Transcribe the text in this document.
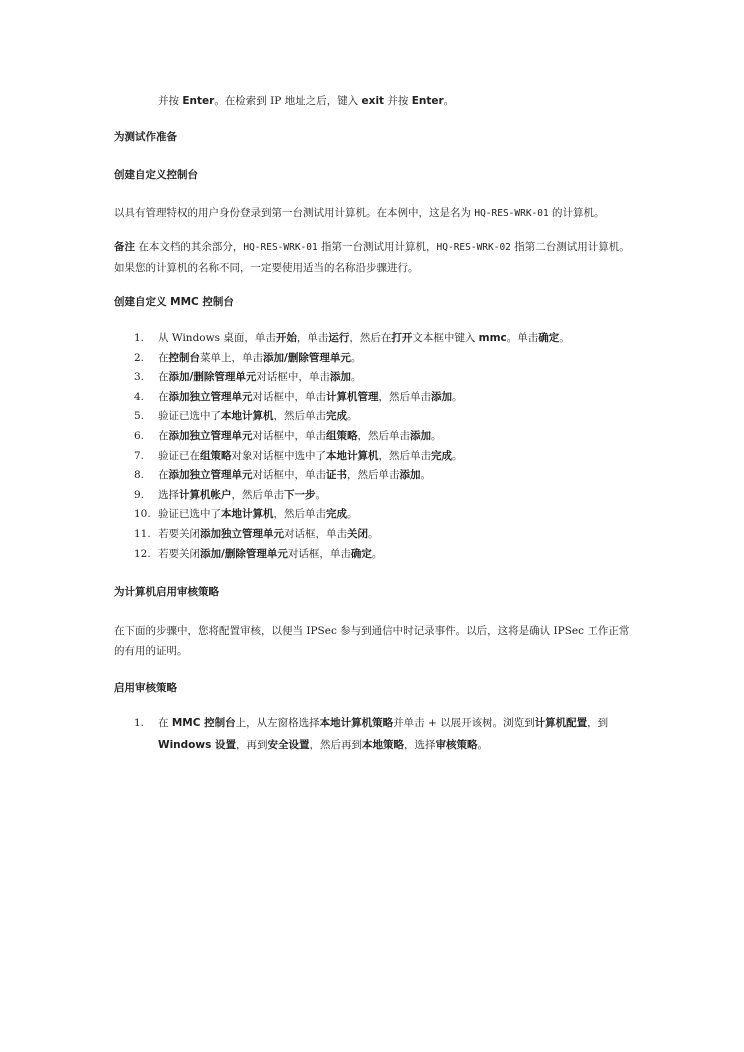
并按 Enter。在检索到 IP 地址之后，键入 exit 并按 Enter。
为测试作准备
创建自定义控制台
以具有管理特权的用户身份登录到第一台测试用计算机。在本例中，这是名为 HQ-RES-WRK-01 的计算机。
备注 在本文档的其余部分，HQ-RES-WRK-01 指第一台测试用计算机，HQ-RES-WRK-02 指第二台测试用计算机。如果您的计算机的名称不同，一定要使用适当的名称沿步骤进行。
创建自定义 MMC 控制台
1. 从 Windows 桌面，单击开始，单击运行，然后在打开文本框中键入 mmc。单击确定。
2. 在控制台菜单上，单击添加/删除管理单元。
3. 在添加/删除管理单元对话框中，单击添加。
4. 在添加独立管理单元对话框中，单击计算机管理，然后单击添加。
5. 验证已选中了本地计算机，然后单击完成。
6. 在添加独立管理单元对话框中，单击组策略，然后单击添加。
7. 验证已在组策略对象对话框中选中了本地计算机，然后单击完成。
8. 在添加独立管理单元对话框中，单击证书，然后单击添加。
9. 选择计算机帐户，然后单击下一步。
10. 验证已选中了本地计算机，然后单击完成。
11. 若要关闭添加独立管理单元对话框，单击关闭。
12. 若要关闭添加/删除管理单元对话框，单击确定。
为计算机启用审核策略
在下面的步骤中，您将配置审核，以便当 IPSec 参与到通信中时记录事件。以后，这将是确认 IPSec 工作正常的有用的证明。
启用审核策略
1. 在 MMC 控制台上，从左窗格选择本地计算机策略并单击 + 以展开该树。浏览到计算机配置，到 Windows 设置，再到安全设置，然后再到本地策略，选择审核策略。
